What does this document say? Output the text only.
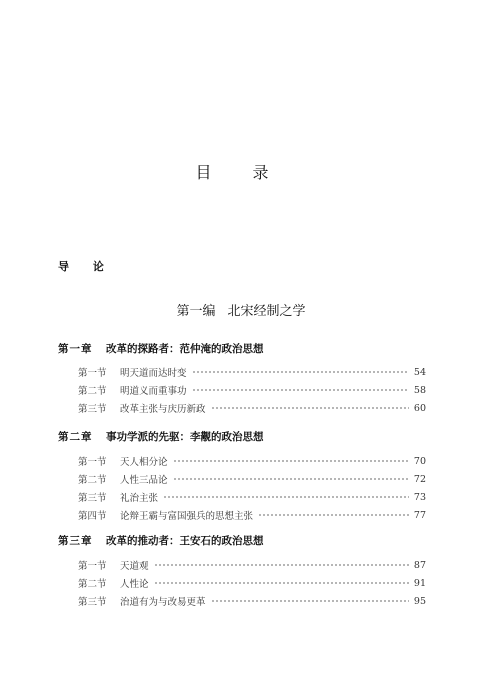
目 录
导 论
第一编 北宋经制之学
第一章 改革的探路者：范仲淹的政治思想
第一节	明天道而达时变	54
第二节	明道义而重事功	58
第三节	改革主张与庆历新政	60
第二章 事功学派的先驱：李觏的政治思想
第一节	天人相分论	70
第二节	人性三品论	72
第三节	礼治主张	73
第四节	论辩王霸与富国强兵的思想主张	77
第三章 改革的推动者：王安石的政治思想
第一节	天道观	87
第二节	人性论	91
第三节	治道有为与改易更革	95
